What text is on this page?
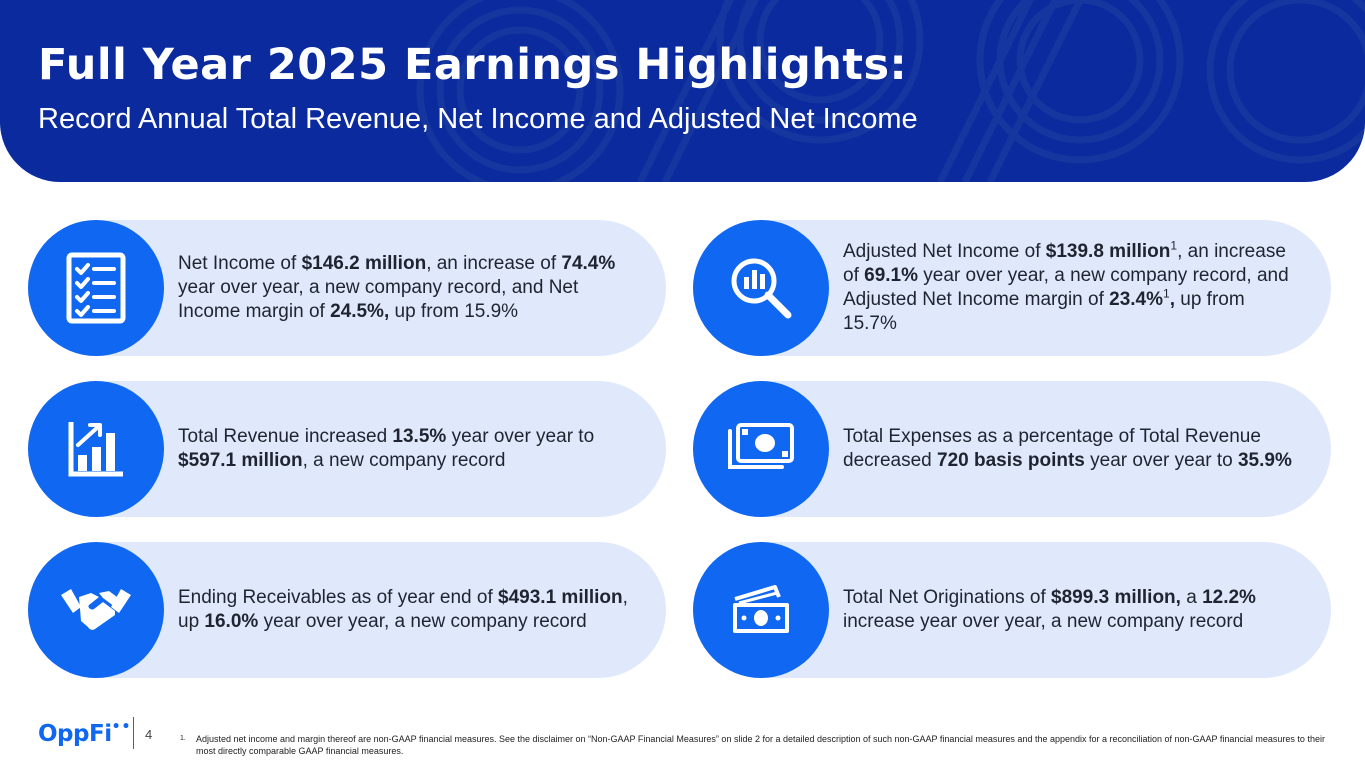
Full Year 2025 Earnings Highlights:
Record Annual Total Revenue, Net Income and Adjusted Net Income
Net Income of $146.2 million, an increase of 74.4% year over year, a new company record, and Net Income margin of 24.5%, up from 15.9%
Adjusted Net Income of $139.8 million$^1$, an increase of 69.1% year over year, a new company record, and Adjusted Net Income margin of 23.4%$^1$, up from 15.7%
Total Revenue increased 13.5% year over year to $597.1 million, a new company record
Total Expenses as a percentage of Total Revenue decreased 720 basis points year over year to 35.9%
Ending Receivables as of year end of $493.1 million, up 16.0% year over year, a new company record
Total Net Originations of $899.3 million, a 12.2% increase year over year, a new company record
OppFi•• 4	1. Adjusted net income and margin thereof are non-GAAP financial measures. See the disclaimer on “Non-GAAP Financial Measures” on slide 2 for a detailed description of such non-GAAP financial measures and the appendix for a reconciliation of non-GAAP financial measures to their most directly comparable GAAP financial measures.
